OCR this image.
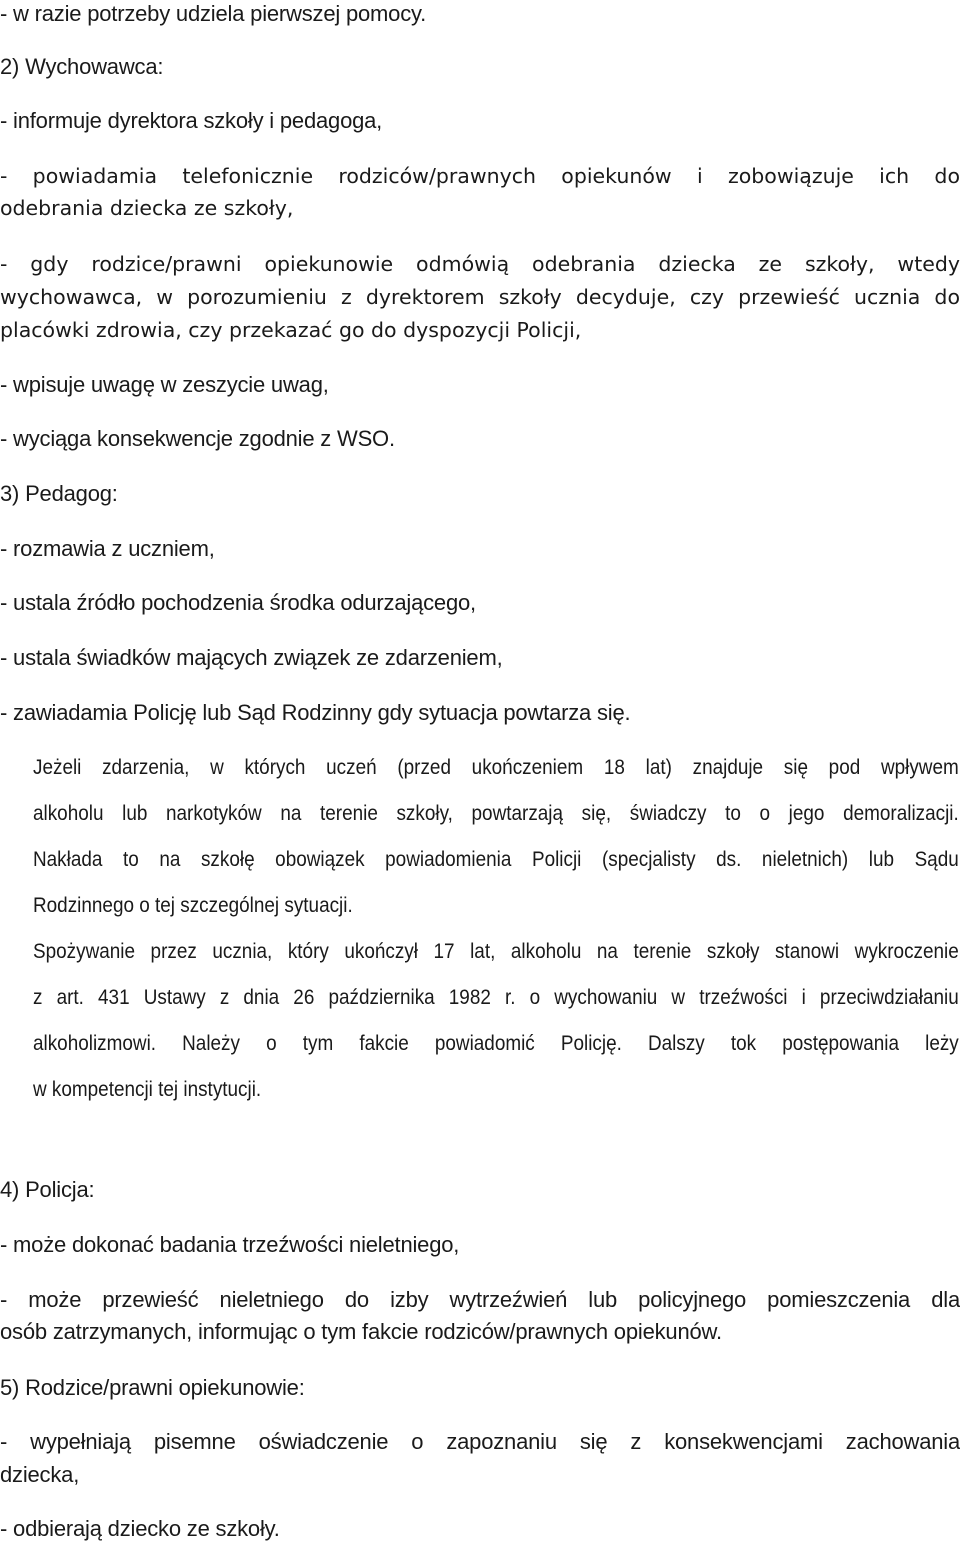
- w razie potrzeby udziela pierwszej pomocy.

2) Wychowawca:

- informuje dyrektora szkoły i pedagoga,

- powiadamia telefonicznie rodziców/prawnych opiekunów i zobowiązuje ich do

odebrania dziecka ze szkoły,

- gdy rodzice/prawni opiekunowie odmówią odebrania dziecka ze szkoły, wtedy

wychowawca, w porozumieniu z dyrektorem szkoły decyduje, czy przewieść ucznia do

placówki zdrowia, czy przekazać go do dyspozycji Policji,

- wpisuje uwagę w zeszycie uwag,

- wyciąga konsekwencje zgodnie z WSO.

3) Pedagog:

- rozmawia z uczniem,

- ustala źródło pochodzenia środka odurzającego,

- ustala świadków mających związek ze zdarzeniem,

- zawiadamia Policję lub Sąd Rodzinny gdy sytuacja powtarza się.

Jeżeli zdarzenia, w których uczeń (przed ukończeniem 18 lat) znajduje się pod wpływem

alkoholu lub narkotyków na terenie szkoły, powtarzają się, świadczy to o jego demoralizacji.

Nakłada to na szkołę obowiązek powiadomienia Policji (specjalisty ds. nieletnich) lub Sądu

Rodzinnego o tej szczególnej sytuacji.

Spożywanie przez ucznia, który ukończył 17 lat, alkoholu na terenie szkoły stanowi wykroczenie

z art. 431 Ustawy z dnia 26 października 1982 r. o wychowaniu w trzeźwości i przeciwdziałaniu

alkoholizmowi. Należy o tym fakcie powiadomić Policję. Dalszy tok postępowania leży

w kompetencji tej instytucji.

4) Policja:

- może dokonać badania trzeźwości nieletniego,

- może przewieść nieletniego do izby wytrzeźwień lub policyjnego pomieszczenia dla

osób zatrzymanych, informując o tym fakcie rodziców/prawnych opiekunów.

5) Rodzice/prawni opiekunowie:

- wypełniają pisemne oświadczenie o zapoznaniu się z konsekwencjami zachowania

dziecka,

- odbierają dziecko ze szkoły.
